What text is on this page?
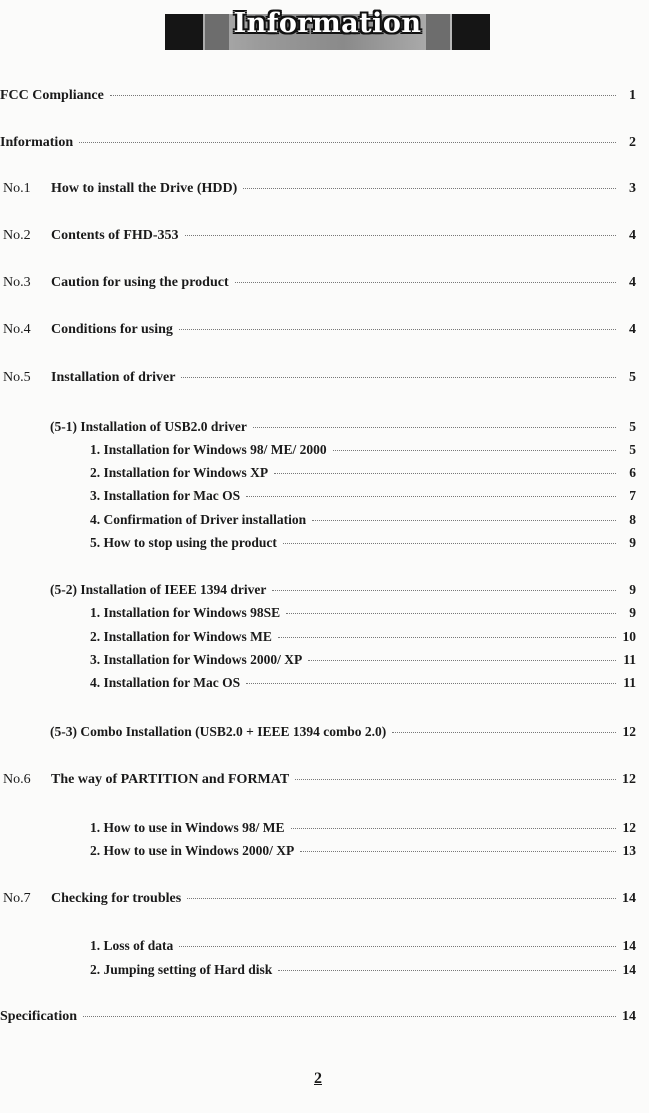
Information
FCC Compliance	1
Information	2
No.1	How to install the Drive (HDD)	3
No.2	Contents of FHD-353	4
No.3	Caution for using the product	4
No.4	Conditions for using	4
No.5	Installation of driver	5
(5-1) Installation of USB2.0 driver	5
1. Installation for Windows 98/ ME/ 2000	5
2. Installation for Windows XP	6
3. Installation for Mac OS	7
4. Confirmation of Driver installation	8
5. How to stop using the product	9
(5-2) Installation of IEEE 1394 driver	9
1. Installation for Windows 98SE	9
2. Installation for Windows ME	10
3. Installation for Windows 2000/ XP	11
4. Installation for Mac OS	11
(5-3) Combo Installation (USB2.0 + IEEE 1394 combo 2.0)	12
No.6	The way of PARTITION and FORMAT	12
1. How to use in Windows 98/ ME	12
2. How to use in Windows 2000/ XP	13
No.7	Checking for troubles	14
1. Loss of data	14
2. Jumping setting of Hard disk	14
Specification	14
2
